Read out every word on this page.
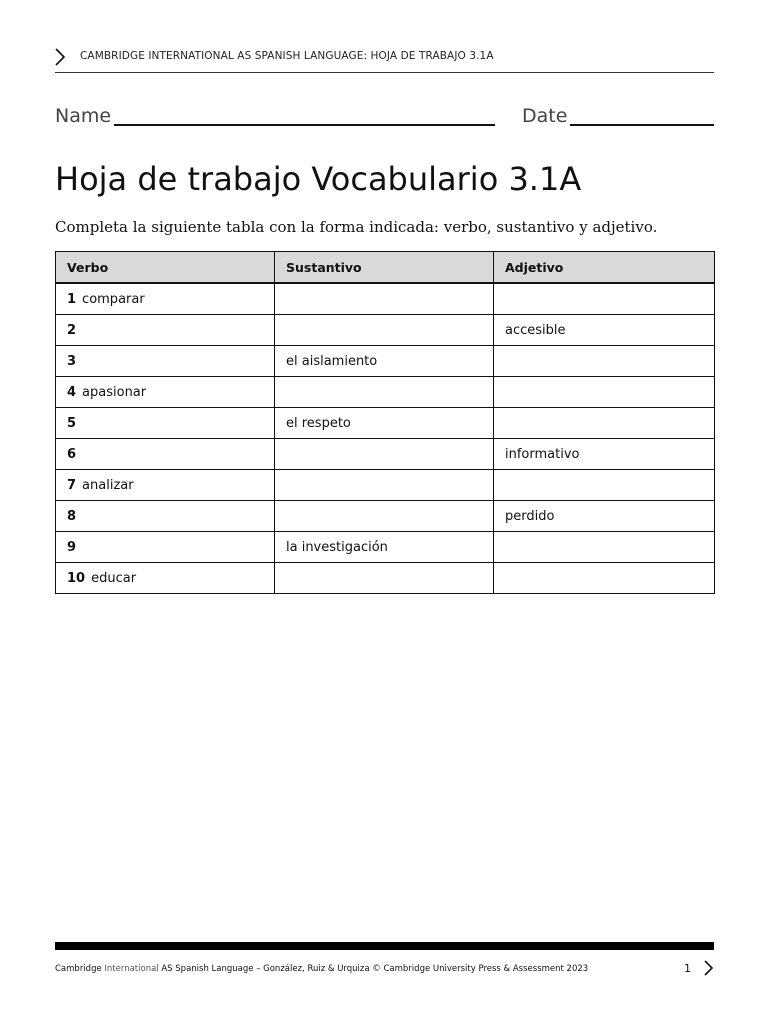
CAMBRIDGE INTERNATIONAL AS SPANISH LANGUAGE: HOJA DE TRABAJO 3.1A
Name	Date
Hoja de trabajo Vocabulario 3.1A
Completa la siguiente tabla con la forma indicada: verbo, sustantivo y adjetivo.
Verbo	Sustantivo	Adjetivo
1 comparar		
2		accesible
3	el aislamiento	
4 apasionar		
5	el respeto	
6		informativo
7 analizar		
8		perdido
9	la investigación	
10 educar		
Cambridge International AS Spanish Language – González, Ruiz & Urquiza © Cambridge University Press & Assessment 2023	1
